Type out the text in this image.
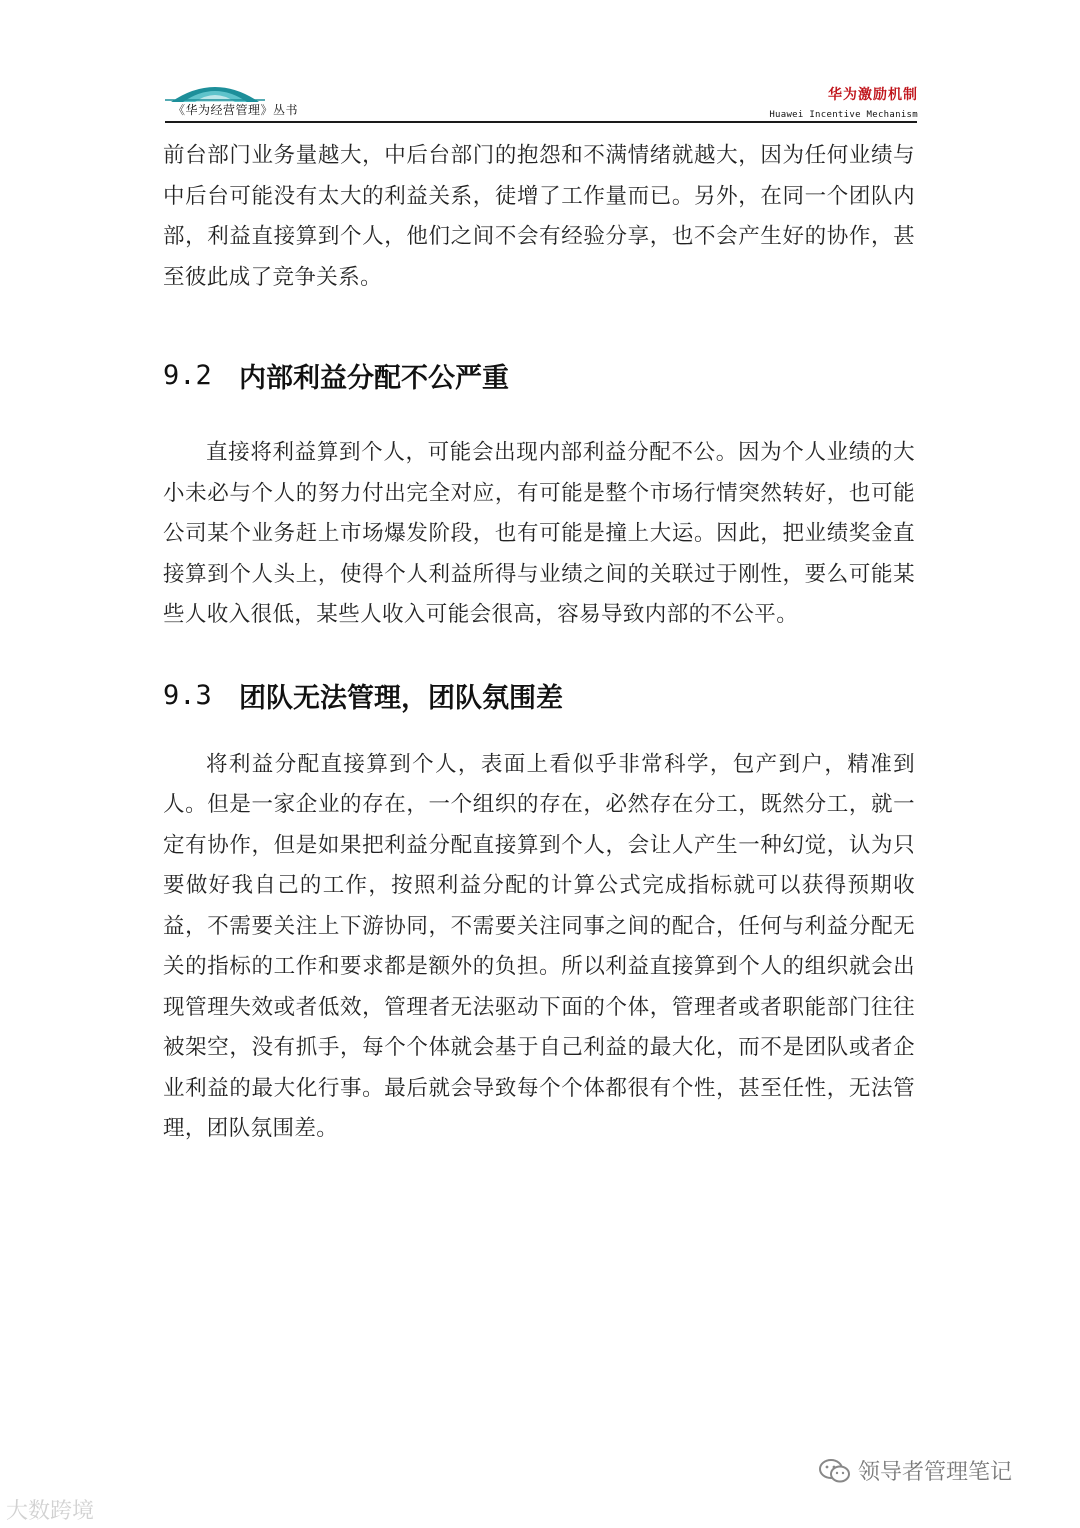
《华为经营管理》丛书
华为激励机制
Huawei Incentive Mechanism

前台部门业务量越大，中后台部门的抱怨和不满情绪就越大，因为任何业绩与中后台可能没有太大的利益关系，徒增了工作量而已。另外，在同一个团队内部，利益直接算到个人，他们之间不会有经验分享，也不会产生好的协作，甚至彼此成了竞争关系。

9.2	内部利益分配不公严重

直接将利益算到个人，可能会出现内部利益分配不公。因为个人业绩的大小未必与个人的努力付出完全对应，有可能是整个市场行情突然转好，也可能公司某个业务赶上市场爆发阶段，也有可能是撞上大运。因此，把业绩奖金直接算到个人头上，使得个人利益所得与业绩之间的关联过于刚性，要么可能某些人收入很低，某些人收入可能会很高，容易导致内部的不公平。

9.3	团队无法管理，团队氛围差

将利益分配直接算到个人，表面上看似乎非常科学，包产到户，精准到人。但是一家企业的存在，一个组织的存在，必然存在分工，既然分工，就一定有协作，但是如果把利益分配直接算到个人，会让人产生一种幻觉，认为只要做好我自己的工作，按照利益分配的计算公式完成指标就可以获得预期收益，不需要关注上下游协同，不需要关注同事之间的配合，任何与利益分配无关的指标的工作和要求都是额外的负担。所以利益直接算到个人的组织就会出现管理失效或者低效，管理者无法驱动下面的个体，管理者或者职能部门往往被架空，没有抓手，每个个体就会基于自己利益的最大化，而不是团队或者企业利益的最大化行事。最后就会导致每个个体都很有个性，甚至任性，无法管理，团队氛围差。

领导者管理笔记
大数跨境
